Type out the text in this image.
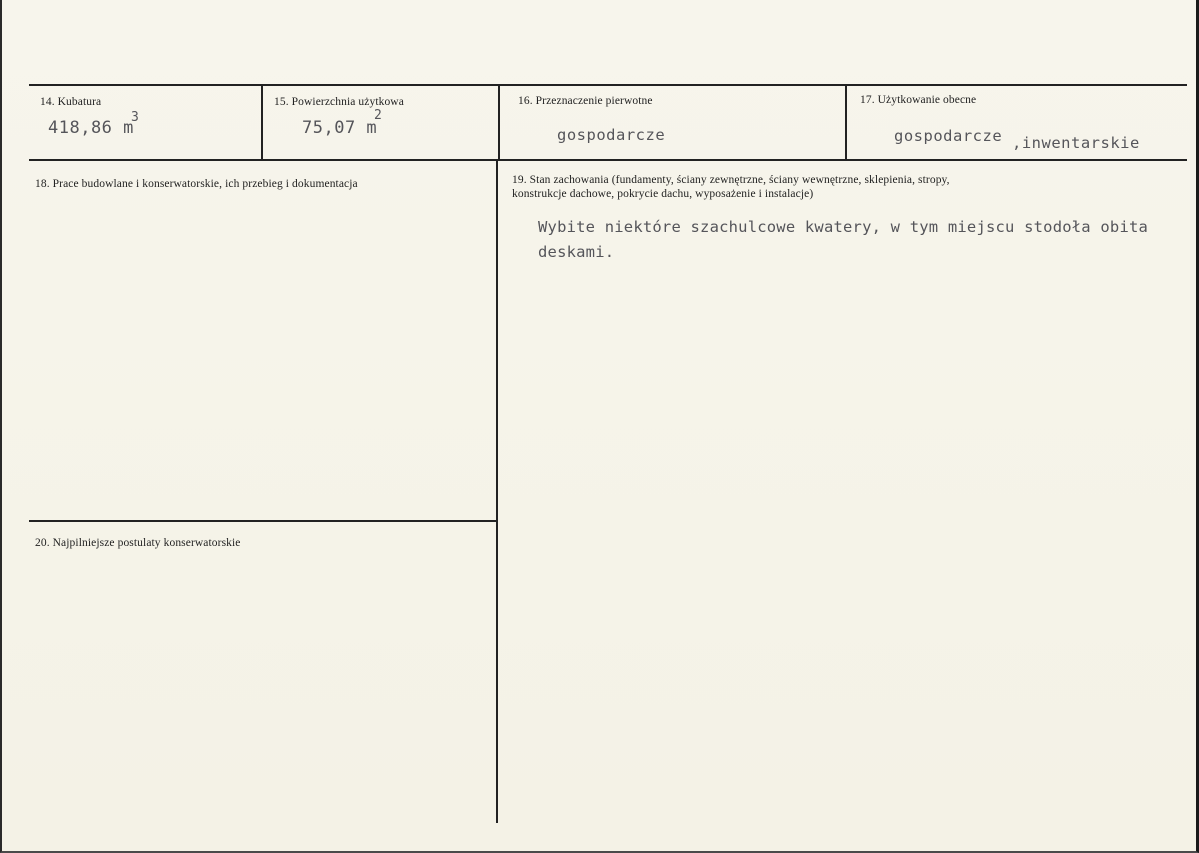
14. Kubatura
418,86 m
3
15. Powierzchnia użytkowa
75,07 m
2
16. Przeznaczenie pierwotne
gospodarcze
17. Użytkowanie obecne
gospodarcze ,inwentarskie
18. Prace budowlane i konserwatorskie, ich przebieg i dokumentacja	19. Stan zachowania (fundamenty, ściany zewnętrzne, ściany wewnętrzne, sklepienia, stropy,
konstrukcje dachowe, pokrycie dachu, wyposażenie i instalacje)
Wybite niektóre szachulcowe kwatery, w tym miejscu stodoła obita
deskami.
20. Najpilniejsze postulaty konserwatorskie
